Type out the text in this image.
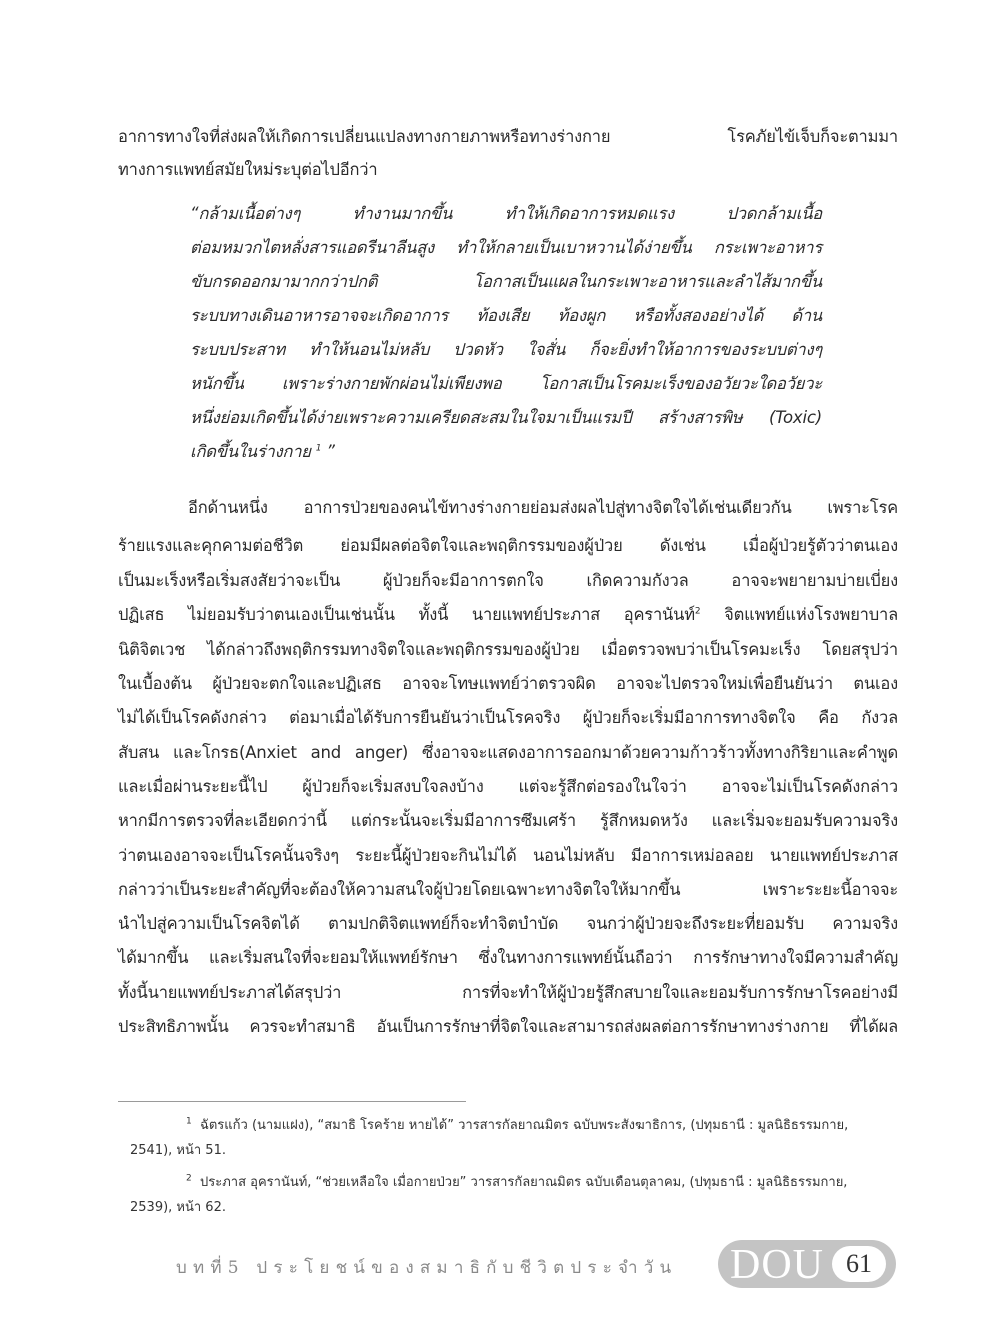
อาการทางใจที่ส่งผลให้เกิดการเปลี่ยนแปลงทางกายภาพหรือทางร่างกาย โรคภัยไข้เจ็บก็จะตามมา
ทางการแพทย์สมัยใหม่ระบุต่อไปอีกว่า
“กล้ามเนื้อต่างๆ ทำงานมากขึ้น ทำให้เกิดอาการหมดแรง ปวดกล้ามเนื้อ
ต่อมหมวกไตหลั่งสารแอดรีนาลีนสูง ทำให้กลายเป็นเบาหวานได้ง่ายขึ้น กระเพาะอาหาร
ขับกรดออกมามากกว่าปกติ โอกาสเป็นแผลในกระเพาะอาหารและลำไส้มากขึ้น
ระบบทางเดินอาหารอาจจะเกิดอาการ ท้องเสีย ท้องผูก หรือทั้งสองอย่างได้ ด้าน
ระบบประสาท ทำให้นอนไม่หลับ ปวดหัว ใจสั่น ก็จะยิ่งทำให้อาการของระบบต่างๆ
หนักขึ้น เพราะร่างกายพักผ่อนไม่เพียงพอ โอกาสเป็นโรคมะเร็งของอวัยวะใดอวัยวะ
หนึ่งย่อมเกิดขึ้นได้ง่ายเพราะความเครียดสะสมในใจมาเป็นแรมปี สร้างสารพิษ (Toxic)
เกิดขึ้นในร่างกาย $^1$ ”
อีกด้านหนึ่ง อาการป่วยของคนไข้ทางร่างกายย่อมส่งผลไปสู่ทางจิตใจได้เช่นเดียวกัน เพราะโรค
ร้ายแรงและคุกคามต่อชีวิต ย่อมมีผลต่อจิตใจและพฤติกรรมของผู้ป่วย ดังเช่น เมื่อผู้ป่วยรู้ตัวว่าตนเอง
เป็นมะเร็งหรือเริ่มสงสัยว่าจะเป็น ผู้ป่วยก็จะมีอาการตกใจ เกิดความกังวล อาจจะพยายามบ่ายเบี่ยง
ปฏิเสธ ไม่ยอมรับว่าตนเองเป็นเช่นนั้น ทั้งนี้ นายแพทย์ประภาส อุครานันท์$^2$ จิตแพทย์แห่งโรงพยาบาล
นิติจิตเวช ได้กล่าวถึงพฤติกรรมทางจิตใจและพฤติกรรมของผู้ป่วย เมื่อตรวจพบว่าเป็นโรคมะเร็ง โดยสรุปว่า
ในเบื้องต้น ผู้ป่วยจะตกใจและปฏิเสธ อาจจะโทษแพทย์ว่าตรวจผิด อาจจะไปตรวจใหม่เพื่อยืนยันว่า ตนเอง
ไม่ได้เป็นโรคดังกล่าว ต่อมาเมื่อได้รับการยืนยันว่าเป็นโรคจริง ผู้ป่วยก็จะเริ่มมีอาการทางจิตใจ คือ กังวล
สับสน และโกรธ(Anxiet and anger) ซึ่งอาจจะแสดงอาการออกมาด้วยความก้าวร้าวทั้งทางกิริยาและคำพูด
และเมื่อผ่านระยะนี้ไป ผู้ป่วยก็จะเริ่มสงบใจลงบ้าง แต่จะรู้สึกต่อรองในใจว่า อาจจะไม่เป็นโรคดังกล่าว
หากมีการตรวจที่ละเอียดกว่านี้ แต่กระนั้นจะเริ่มมีอาการซึมเศร้า รู้สึกหมดหวัง และเริ่มจะยอมรับความจริง
ว่าตนเองอาจจะเป็นโรคนั้นจริงๆ ระยะนี้ผู้ป่วยจะกินไม่ได้ นอนไม่หลับ มีอาการเหม่อลอย นายแพทย์ประภาส
กล่าวว่าเป็นระยะสำคัญที่จะต้องให้ความสนใจผู้ป่วยโดยเฉพาะทางจิตใจให้มากขึ้น เพราะระยะนี้อาจจะ
นำไปสู่ความเป็นโรคจิตได้ ตามปกติจิตแพทย์ก็จะทำจิตบำบัด จนกว่าผู้ป่วยจะถึงระยะที่ยอมรับ ความจริง
ได้มากขึ้น และเริ่มสนใจที่จะยอมให้แพทย์รักษา ซึ่งในทางการแพทย์นั้นถือว่า การรักษาทางใจมีความสำคัญ
ทั้งนี้นายแพทย์ประภาสได้สรุปว่า การที่จะทำให้ผู้ป่วยรู้สึกสบายใจและยอมรับการรักษาโรคอย่างมี
ประสิทธิภาพนั้น ควรจะทำสมาธิ อันเป็นการรักษาที่จิตใจและสามารถส่งผลต่อการรักษาทางร่างกาย ที่ได้ผล
$^1$ ฉัตรแก้ว (นามแฝง), “สมาธิ โรคร้าย หายได้” วารสารกัลยาณมิตร ฉบับพระสังฆาธิการ, (ปทุมธานี : มูลนิธิธรรมกาย,
2541), หน้า 51.
$^2$ ประภาส อุครานันท์, “ช่วยเหลือใจ เมื่อกายป่วย” วารสารกัลยาณมิตร ฉบับเดือนตุลาคม, (ปทุมธานี : มูลนิธิธรรมกาย,
2539), หน้า 62.
บทที่5 ประโยชน์ของสมาธิกับชีวิตประจำวัน	DOU 61
